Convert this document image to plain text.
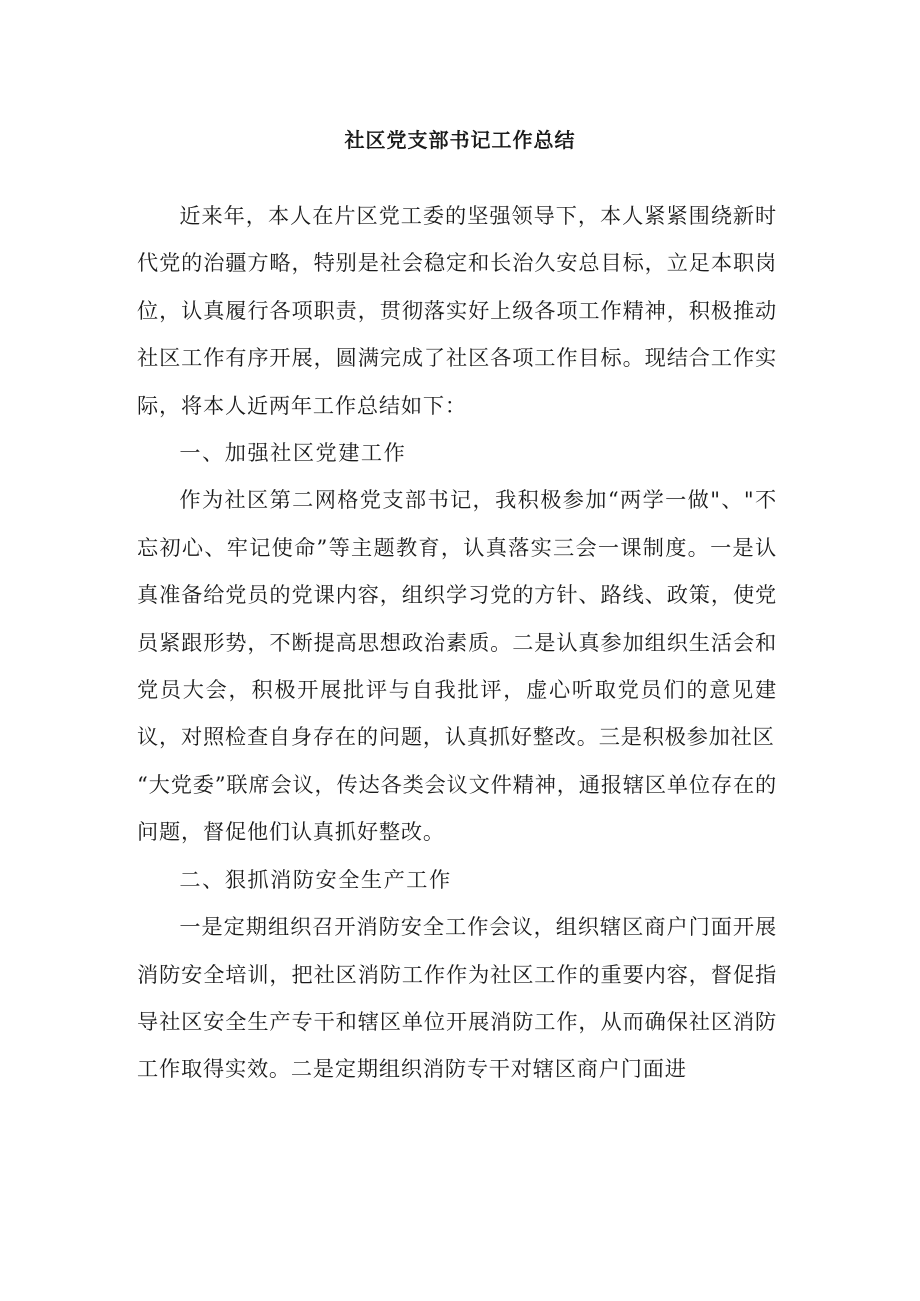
社区党支部书记工作总结

近来年，本人在片区党工委的坚强领导下，本人紧紧围绕新时代党的治疆方略，特别是社会稳定和长治久安总目标，立足本职岗位，认真履行各项职责，贯彻落实好上级各项工作精神，积极推动社区工作有序开展，圆满完成了社区各项工作目标。现结合工作实际，将本人近两年工作总结如下：

一、加强社区党建工作

作为社区第二网格党支部书记，我积极参加“两学一做"、"不忘初心、牢记使命”等主题教育，认真落实三会一课制度。一是认真准备给党员的党课内容，组织学习党的方针、路线、政策，使党员紧跟形势，不断提高思想政治素质。二是认真参加组织生活会和党员大会，积极开展批评与自我批评，虚心听取党员们的意见建议，对照检查自身存在的问题，认真抓好整改。三是积极参加社区

“大党委”联席会议，传达各类会议文件精神，通报辖区单位存在的问题，督促他们认真抓好整改。

二、狠抓消防安全生产工作

一是定期组织召开消防安全工作会议，组织辖区商户门面开展消防安全培训，把社区消防工作作为社区工作的重要内容，督促指导社区安全生产专干和辖区单位开展消防工作，从而确保社区消防工作取得实效。二是定期组织消防专干对辖区商户门面进
